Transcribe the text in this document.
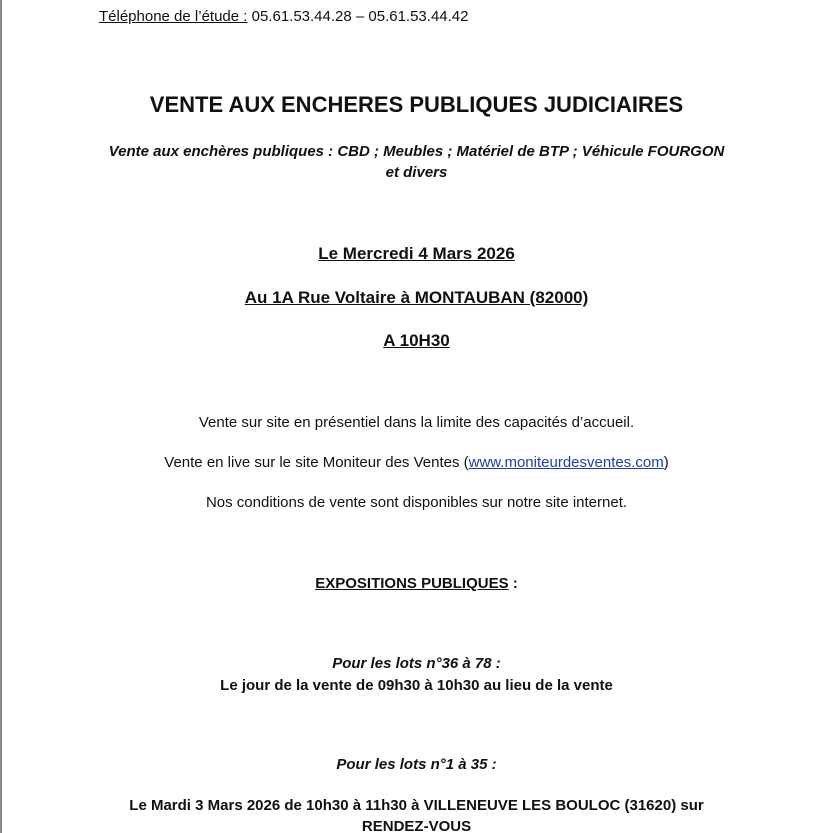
Téléphone de l’étude : 05.61.53.44.28 – 05.61.53.44.42
VENTE AUX ENCHERES PUBLIQUES JUDICIAIRES
Vente aux enchères publiques : CBD ; Meubles ; Matériel de BTP ; Véhicule FOURGON et divers
Le Mercredi 4 Mars 2026
Au 1A Rue Voltaire à MONTAUBAN (82000)
A 10H30
Vente sur site en présentiel dans la limite des capacités d’accueil.
Vente en live sur le site Moniteur des Ventes (www.moniteurdesventes.com)
Nos conditions de vente sont disponibles sur notre site internet.
EXPOSITIONS PUBLIQUES :
Pour les lots n°36 à 78 :
Le jour de la vente de 09h30 à 10h30 au lieu de la vente
Pour les lots n°1 à 35 :
Le Mardi 3 Mars 2026 de 10h30 à 11h30 à VILLENEUVE LES BOULOC (31620) sur RENDEZ-VOUS
